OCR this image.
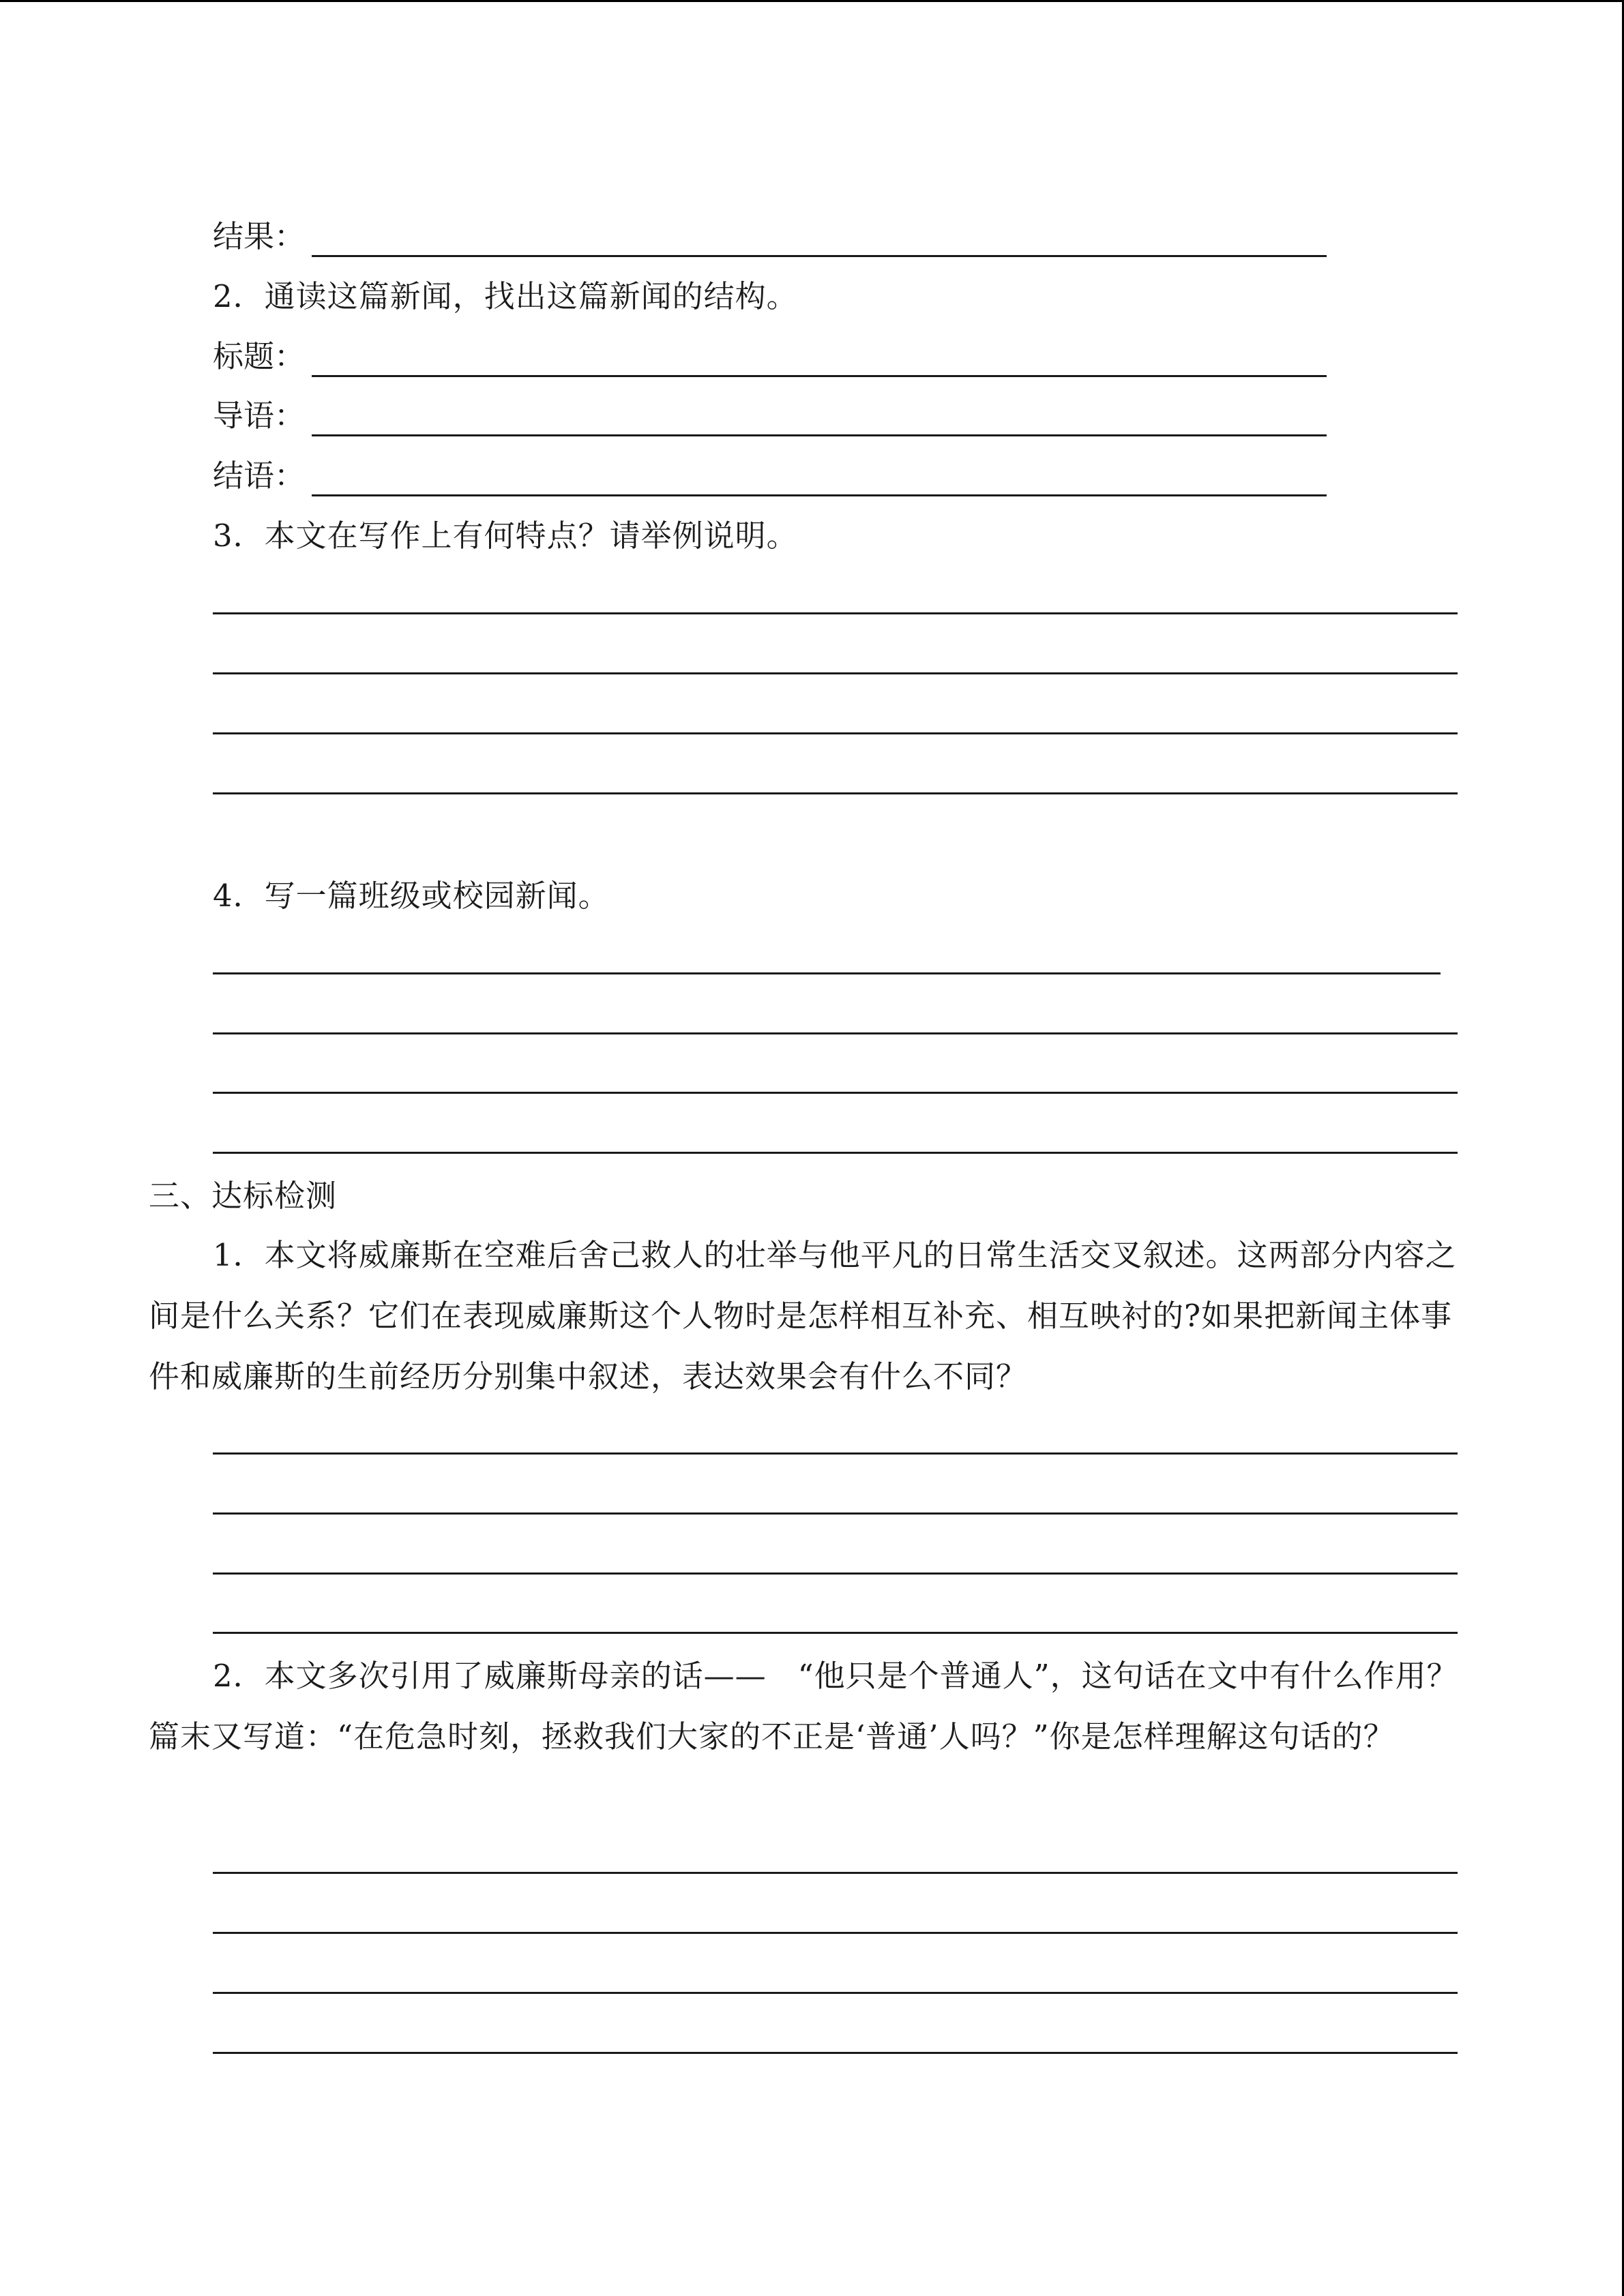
结果：
2．通读这篇新闻，找出这篇新闻的结构。
标题：
导语：
结语：
3．本文在写作上有何特点？请举例说明。
4．写一篇班级或校园新闻。
三、达标检测
1．本文将威廉斯在空难后舍己救人的壮举与他平凡的日常生活交叉叙述。这两部分内容之间是什么关系？它们在表现威廉斯这个人物时是怎样相互补充、相互映衬的?如果把新闻主体事件和威廉斯的生前经历分别集中叙述，表达效果会有什么不同？
2．本文多次引用了威廉斯母亲的话——　“他只是个普通人”，这句话在文中有什么作用？篇末又写道：“在危急时刻，拯救我们大家的不正是‘普通’人吗？”你是怎样理解这句话的？
